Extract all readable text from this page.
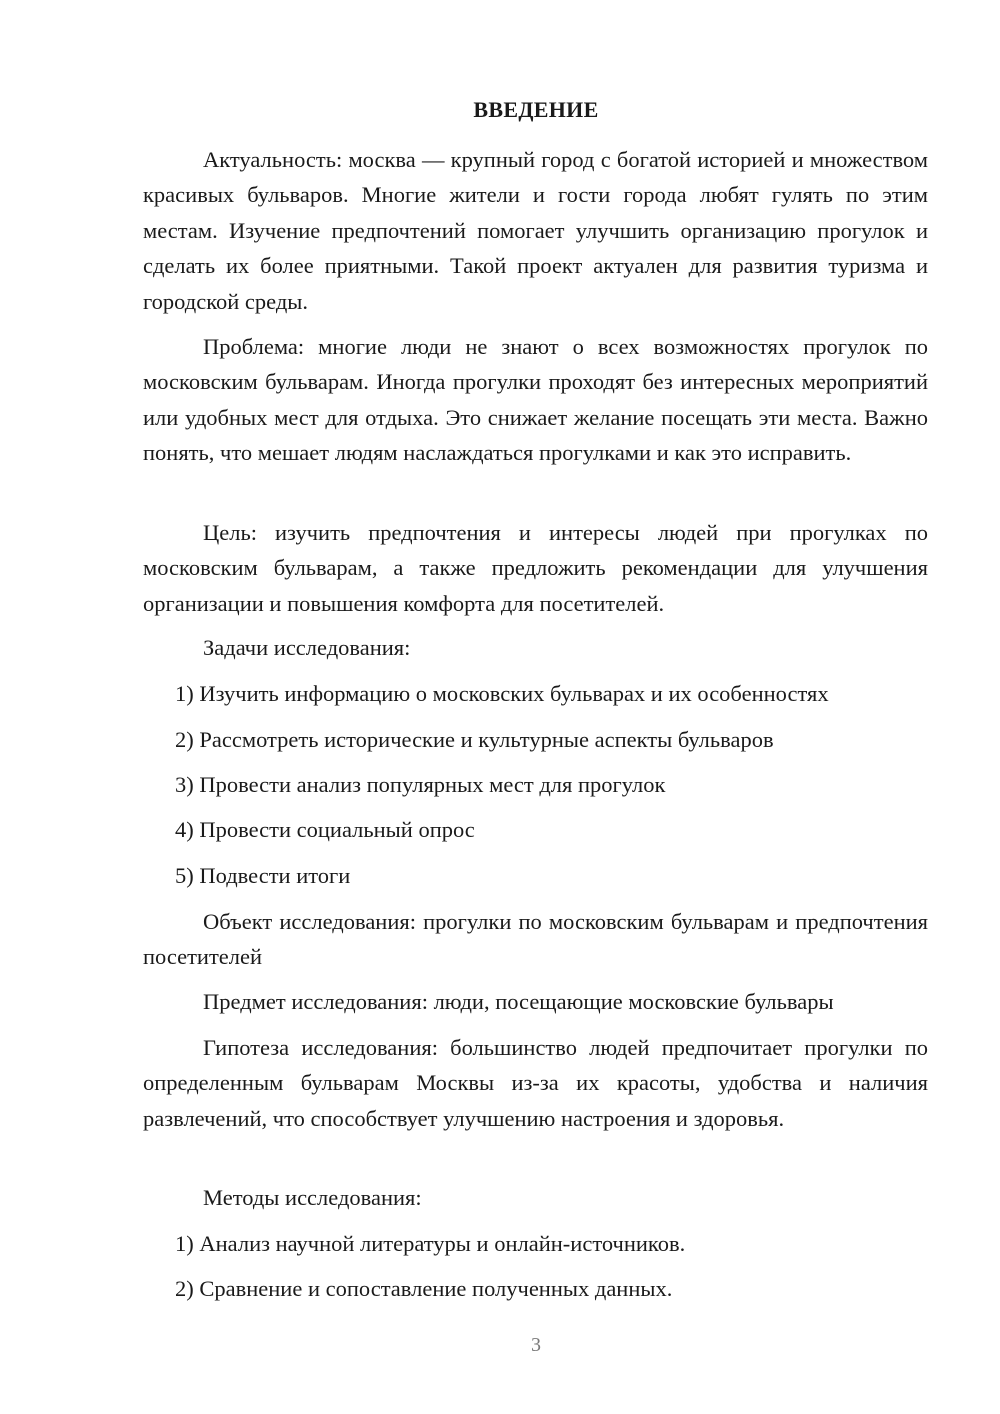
ВВЕДЕНИЕ

Актуальность: москва — крупный город с богатой историей и множеством красивых бульваров. Многие жители и гости города любят гулять по этим местам. Изучение предпочтений помогает улучшить организацию прогулок и сделать их более приятными. Такой проект актуален для развития туризма и городской среды.

Проблема: многие люди не знают о всех возможностях прогулок по московским бульварам. Иногда прогулки проходят без интересных мероприятий или удобных мест для отдыха. Это снижает желание посещать эти места. Важно понять, что мешает людям наслаждаться прогулками и как это исправить.

Цель: изучить предпочтения и интересы людей при прогулках по московским бульварам, а также предложить рекомендации для улучшения организации и повышения комфорта для посетителей.

Задачи исследования:
1) Изучить информацию о московских бульварах и их особенностях
2) Рассмотреть исторические и культурные аспекты бульваров
3) Провести анализ популярных мест для прогулок
4) Провести социальный опрос
5) Подвести итоги

Объект исследования: прогулки по московским бульварам и предпочтения посетителей

Предмет исследования: люди, посещающие московские бульвары

Гипотеза исследования: большинство людей предпочитает прогулки по определенным бульварам Москвы из-за их красоты, удобства и наличия развлечений, что способствует улучшению настроения и здоровья.

Методы исследования:
1) Анализ научной литературы и онлайн-источников.
2) Сравнение и сопоставление полученных данных.
3
